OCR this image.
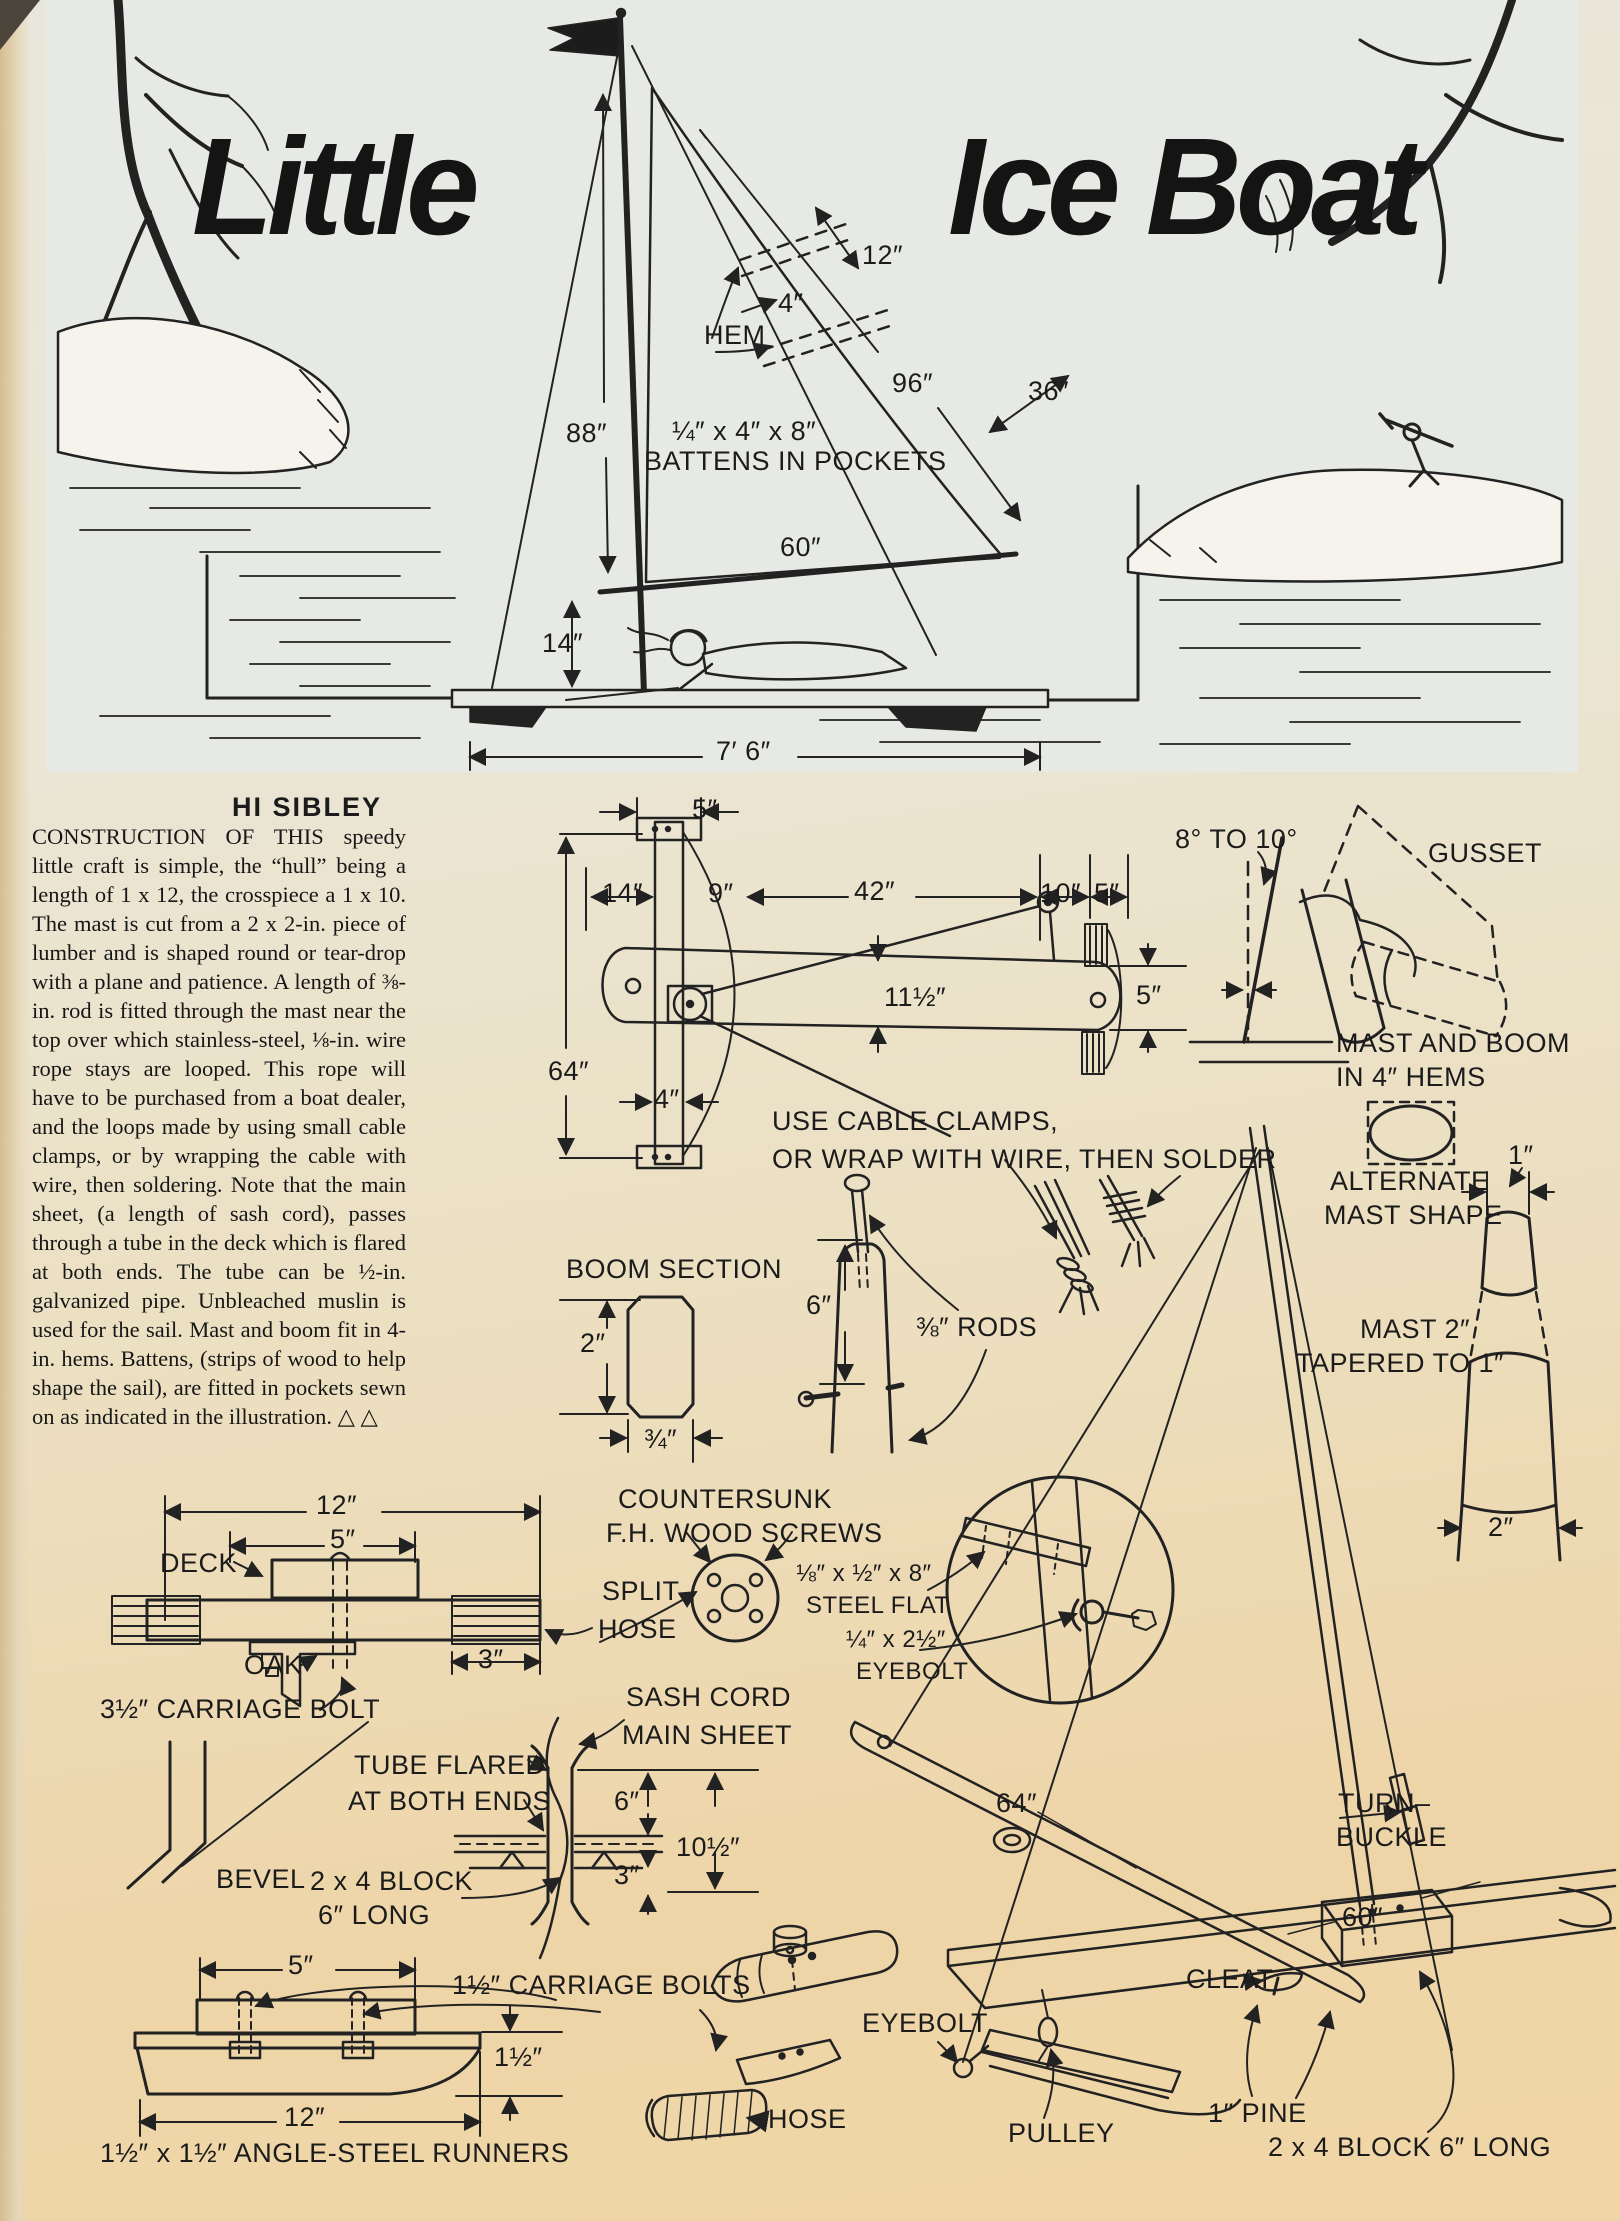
Little	Ice Boat
HI SIBLEY
CONSTRUCTION OF THIS speedy little craft is simple, the “hull” being a length of 1 x 12, the crosspiece a 1 x 10. The mast is cut from a 2 x 2-in. piece of lumber and is shaped round or tear-drop with a plane and patience. A length of ⅜-in. rod is fitted through the mast near the top over which stainless-steel, ⅛-in. wire rope stays are looped. This rope will have to be purchased from a boat dealer, and the loops made by using small cable clamps, or by wrapping the cable with wire, then soldering. Note that the main sheet, (a length of sash cord), passes through a tube in the deck which is flared at both ends. The tube can be ½-in. galvanized pipe. Unbleached muslin is used for the sail. Mast and boom fit in 4-in. hems. Battens, (strips of wood to help shape the sail), are fitted in pockets sewn on as indicated in the illustration. △ △
12″
4″
HEM
96″	36″
88″ ¼″ x 4″ x 8″
BATTENS IN POCKETS
60″
14″
7′ 6″
5″
14″ 9″	42″	10″ 5″
11½″	5″
64″
4″
USE CABLE CLAMPS,
OR WRAP WITH WIRE, THEN SOLDER
8° TO 10°	GUSSET
MAST AND BOOM
IN 4″ HEMS
ALTERNATE
MAST SHAPE
1″
MAST 2″
TAPERED TO 1″
2″
BOOM SECTION
2″
¾″
6″
⅜″ RODS
12″
5″
DECK
OAK	3″
3½″ CARRIAGE BOLT
COUNTERSUNK
F.H. WOOD SCREWS
SPLIT
HOSE
SASH CORD
MAIN SHEET
⅛″ x ½″ x 8″
STEEL FLAT
¼″ x 2½″
EYEBOLT
TUBE FLARED
AT BOTH ENDS
BEVEL 2 x 4 BLOCK
6″ LONG
6″
10½″
3″
5″
1½″ CARRIAGE BOLTS
1½″
12″
1½″ x 1½″ ANGLE-STEEL RUNNERS
64″	TURN–
BUCKLE
60″
CLEAT
EYEBOLT
HOSE	PULLEY
1″ PINE
2 x 4 BLOCK 6″ LONG
